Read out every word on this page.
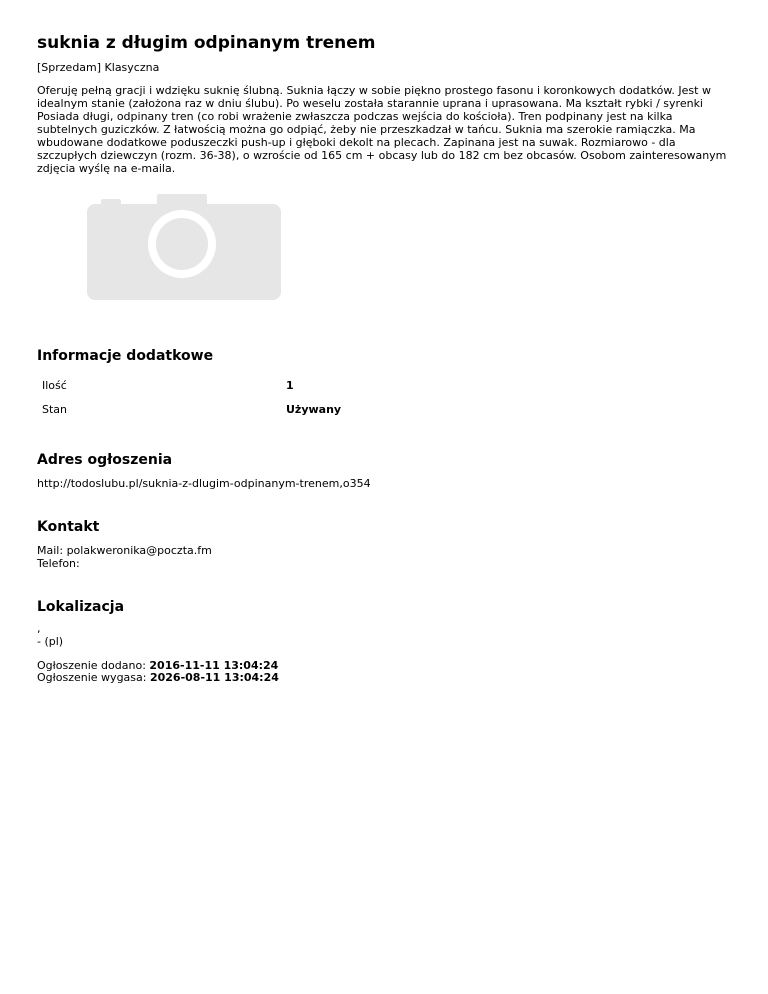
suknia z długim odpinanym trenem
[Sprzedam] Klasyczna
Oferuję pełną gracji i wdzięku suknię ślubną. Suknia łączy w sobie piękno prostego fasonu i koronkowych dodatków. Jest w idealnym stanie (założona raz w dniu ślubu). Po weselu została starannie uprana i uprasowana. Ma kształt rybki / syrenki Posiada długi, odpinany tren (co robi wrażenie zwłaszcza podczas wejścia do kościoła). Tren podpinany jest na kilka subtelnych guziczków. Z łatwością można go odpiąć, żeby nie przeszkadzał w tańcu. Suknia ma szerokie ramiączka. Ma wbudowane dodatkowe poduszeczki push-up i głęboki dekolt na plecach. Zapinana jest na suwak. Rozmiarowo - dla szczupłych dziewczyn (rozm. 36-38), o wzroście od 165 cm + obcasy lub do 182 cm bez obcasów. Osobom zainteresowanym zdjęcia wyślę na e-maila.
Informacje dodatkowe
Ilość	1
Stan	Używany
Adres ogłoszenia
http://todoslubu.pl/suknia-z-dlugim-odpinanym-trenem,o354
Kontakt
Mail: polakweronika@poczta.fm
Telefon:
Lokalizacja
,
- (pl)
Ogłoszenie dodano: 2016-11-11 13:04:24
Ogłoszenie wygasa: 2026-08-11 13:04:24
